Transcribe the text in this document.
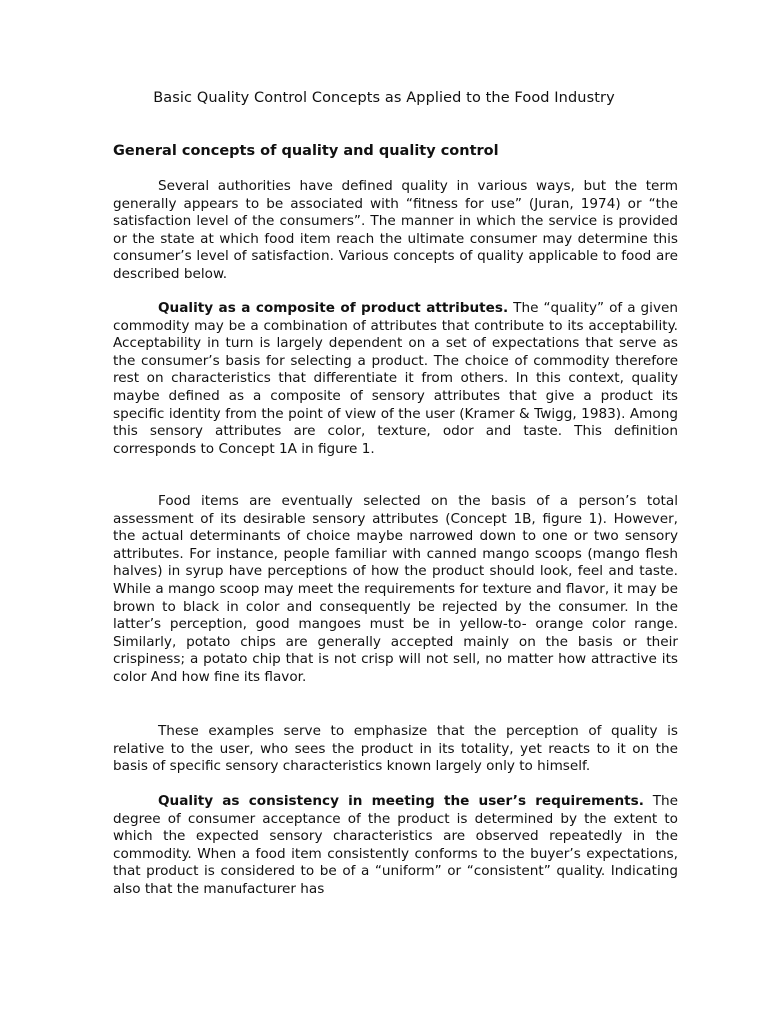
Basic Quality Control Concepts as Applied to the Food Industry
General concepts of quality and quality control

Several authorities have defined quality in various ways, but the term generally appears to be associated with “fitness for use” (Juran, 1974) or “the satisfaction level of the consumers”. The manner in which the service is provided or the state at which food item reach the ultimate consumer may determine this consumer’s level of satisfaction. Various concepts of quality applicable to food are described below.

Quality as a composite of product attributes. The “quality” of a given commodity may be a combination of attributes that contribute to its acceptability. Acceptability in turn is largely dependent on a set of expectations that serve as the consumer’s basis for selecting a product. The choice of commodity therefore rest on characteristics that differentiate it from others. In this context, quality maybe defined as a composite of sensory attributes that give a product its specific identity from the point of view of the user (Kramer & Twigg, 1983). Among this sensory attributes are color, texture, odor and taste. This definition corresponds to Concept 1A in figure 1.

Food items are eventually selected on the basis of a person’s total assessment of its desirable sensory attributes (Concept 1B, figure 1). However, the actual determinants of choice maybe narrowed down to one or two sensory attributes. For instance, people familiar with canned mango scoops (mango flesh halves) in syrup have perceptions of how the product should look, feel and taste. While a mango scoop may meet the requirements for texture and flavor, it may be brown to black in color and consequently be rejected by the consumer. In the latter’s perception, good mangoes must be in yellow-to- orange color range. Similarly, potato chips are generally accepted mainly on the basis or their crispiness; a potato chip that is not crisp will not sell, no matter how attractive its color And how fine its flavor.

These examples serve to emphasize that the perception of quality is relative to the user, who sees the product in its totality, yet reacts to it on the basis of specific sensory characteristics known largely only to himself.

Quality as consistency in meeting the user’s requirements. The degree of consumer acceptance of the product is determined by the extent to which the expected sensory characteristics are observed repeatedly in the commodity. When a food item consistently conforms to the buyer’s expectations, that product is considered to be of a “uniform” or “consistent” quality. Indicating also that the manufacturer has
